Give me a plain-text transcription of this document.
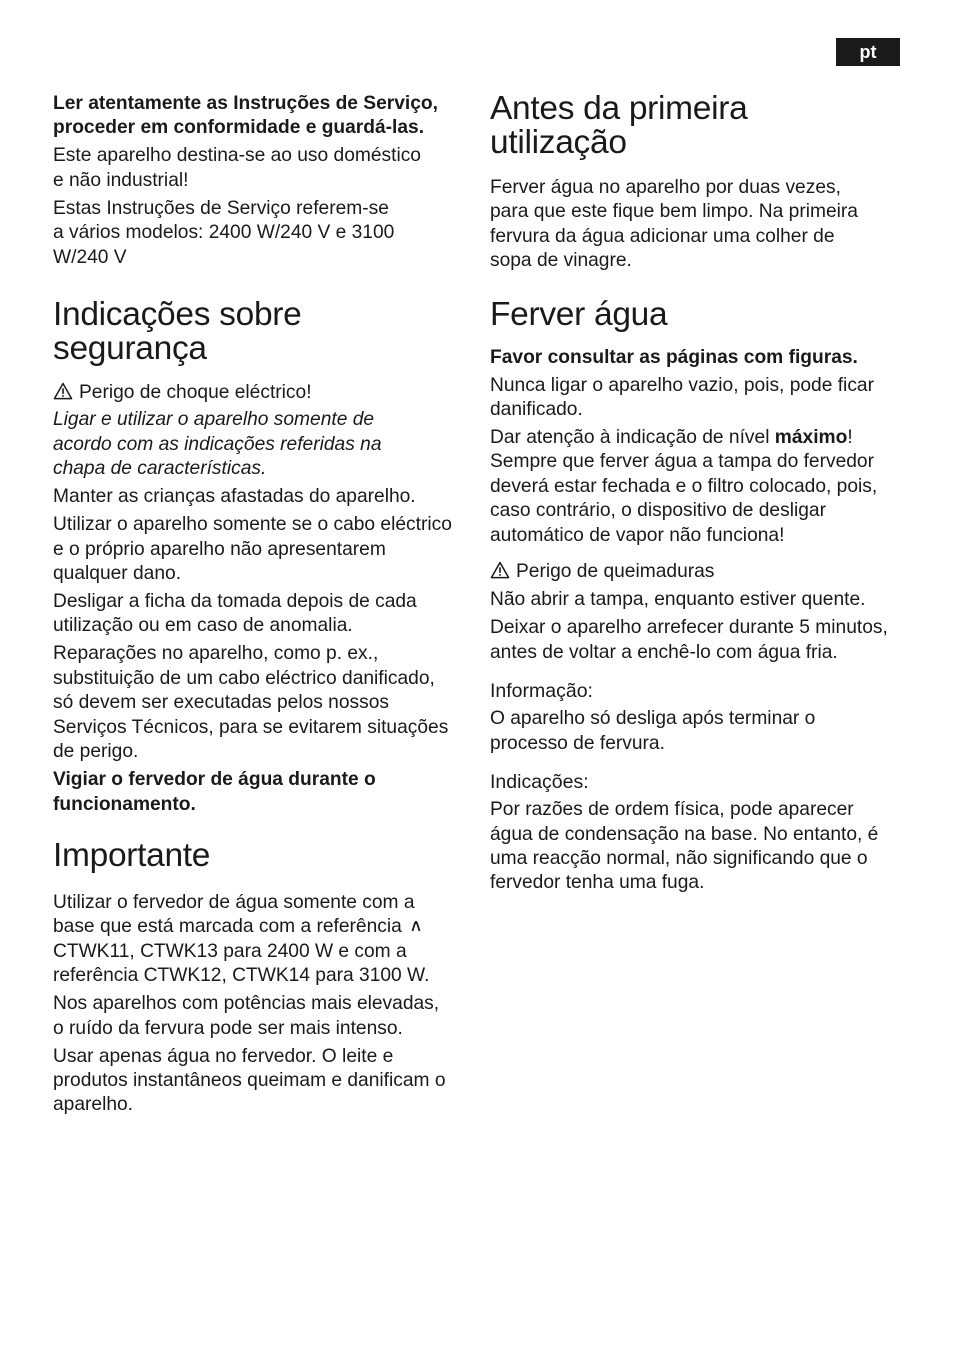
pt

Ler atentamente as Instruções de Serviço, proceder em conformidade e guardá-las.

Este aparelho destina-se ao uso doméstico e não industrial!

Estas Instruções de Serviço referem-se a vários modelos: 2400 W/240 V e 3100 W/240 V

Indicações sobre segurança

Perigo de choque eléctrico!

Ligar e utilizar o aparelho somente de acordo com as indicações referidas na chapa de características.

Manter as crianças afastadas do aparelho.

Utilizar o aparelho somente se o cabo eléctrico e o próprio aparelho não apresentarem qualquer dano.

Desligar a ficha da tomada depois de cada utilização ou em caso de anomalia.

Reparações no aparelho, como p. ex., substituição de um cabo eléctrico danificado, só devem ser executadas pelos nossos Serviços Técnicos, para se evitarem situações de perigo.

Vigiar o fervedor de água durante o funcionamento.

Importante

Utilizar o fervedor de água somente com a base que está marcada com a referência CTWK11, CTWK13 para 2400 W e com a referência CTWK12, CTWK14 para 3100 W.

Nos aparelhos com potências mais elevadas, o ruído da fervura pode ser mais intenso.

Usar apenas água no fervedor. O leite e produtos instantâneos queimam e danificam o aparelho.

Antes da primeira utilização

Ferver água no aparelho por duas vezes, para que este fique bem limpo. Na primeira fervura da água adicionar uma colher de sopa de vinagre.

Ferver água

Favor consultar as páginas com figuras.

Nunca ligar o aparelho vazio, pois, pode ficar danificado.

Dar atenção à indicação de nível máximo!

Sempre que ferver água a tampa do fervedor deverá estar fechada e o filtro colocado, pois, caso contrário, o dispositivo de desligar automático de vapor não funciona!

Perigo de queimaduras

Não abrir a tampa, enquanto estiver quente.

Deixar o aparelho arrefecer durante 5 minutos, antes de voltar a enchê-lo com água fria.

Informação:

O aparelho só desliga após terminar o processo de fervura.

Indicações:

Por razões de ordem física, pode aparecer água de condensação na base. No entanto, é uma reacção normal, não significando que o fervedor tenha uma fuga.
